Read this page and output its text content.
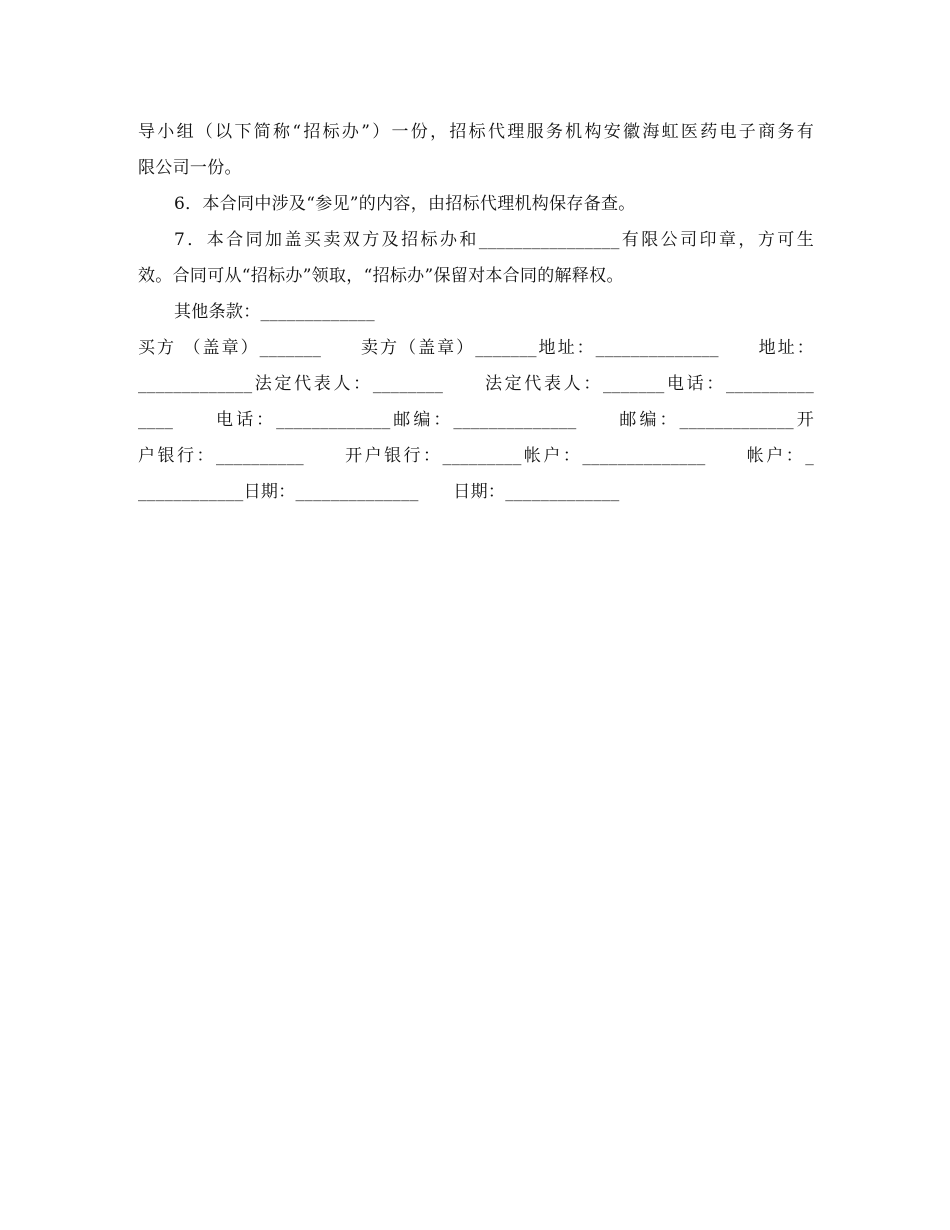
导小组（以下简称“招标办”）一份，招标代理服务机构安徽海虹医药电子商务有

限公司一份。

6．本合同中涉及“参见”的内容，由招标代理机构保存备查。

7．本合同加盖买卖双方及招标办和________________有限公司印章，方可生

效。合同可从“招标办”领取，“招标办”保留对本合同的解释权。

其他条款：_____________

买方 （盖章）_______　　卖方（盖章）_______地址：______________　　地址：

_____________法定代表人：________　　法定代表人：_______电话：__________

____　　电话：_____________邮编：______________　　邮编：_____________开

户银行：__________　　开户银行：_________帐户：______________　　帐户：_

____________日期：______________　　日期：_____________
